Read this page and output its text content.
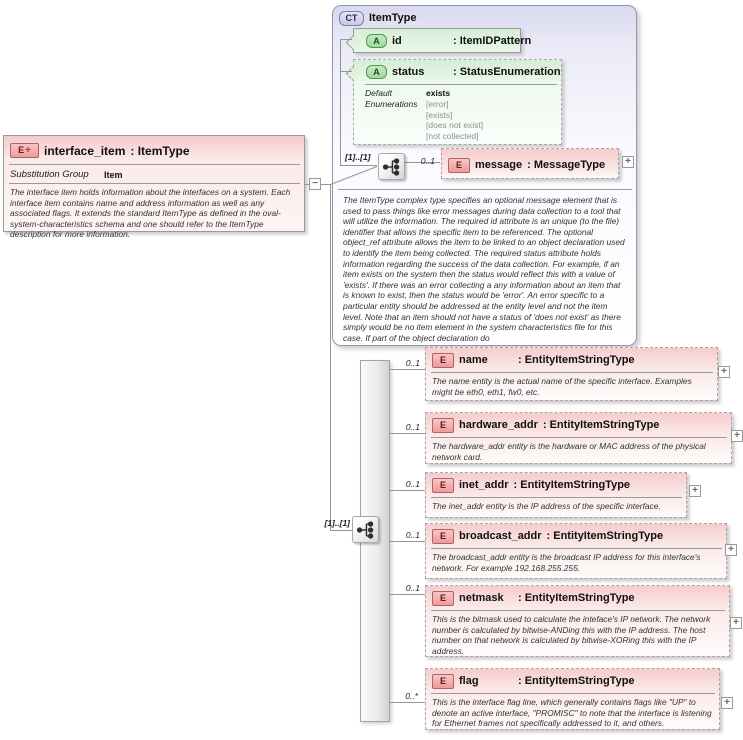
E + interface_item : ItemType
Substitution Group	Item
The interface item holds information about the interfaces on a system. Each interface item contains name and address information as well as any associated flags. It extends the standard ItemType as defined in the oval-system-characteristics schema and one should refer to the ItemType description for more information.
−
CT	ItemType
A	id	: ItemIDPattern
A	status	: StatusEnumeration
Default
Enumerations
exists
[error]
[exists]
[does not exist]
[not collected]
[1]..[1]	0..1	E	message : MessageType
The ItemType complex type specifies an optional message element that is used to pass things like error messages during data collection to a tool that will utilize the information. The required id attribute is an unique (to the file) identifier that allows the specific item to be referenced. The optional object_ref attribute allows the item to be linked to an object declaration used to identify the item being collected. The required status attribute holds information regarding the success of the data collection. For example, if an item exists on the system then the status would reflect this with a value of 'exists'. If there was an error collecting a any information about an item that is known to exist, then the status would be 'error'. An error specific to a particular entity should be addressed at the entity level and not the item level. Note that an item should not have a status of 'does not exist' as there simply would be no item element in the system characteristics file for this case. If part of the object declaration do
+
[1]..[1]
0..1	E	name	: EntityItemStringType
The name entity is the actual name of the specific interface. Examples might be eth0, eth1, fw0, etc.
+
0..1	E	hardware_addr : EntityItemStringType
The hardware_addr entity is the hardware or MAC address of the physical network card.
+
0..1	E	inet_addr : EntityItemStringType
The inet_addr entity is the IP address of the specific interface.
+
0..1	E	broadcast_addr : EntityItemStringType
The broadcast_addr entity is the broadcast IP address for this interface's network. For example 192.168.255.255.
+
0..1
E	netmask	: EntityItemStringType
This is the bitmask used to calculate the inteface's IP network. The network number is calculated by bitwise-ANDing this with the IP address. The host number on that network is calculated by bitwise-XORing this with the IP address.
+
0..*
E	flag	: EntityItemStringType
This is the interface flag line, which generally contains flags like "UP" to denote an active interface, "PROMISC" to note that the interface is listening for Ethernet frames not specifically addressed to it, and others.
+
